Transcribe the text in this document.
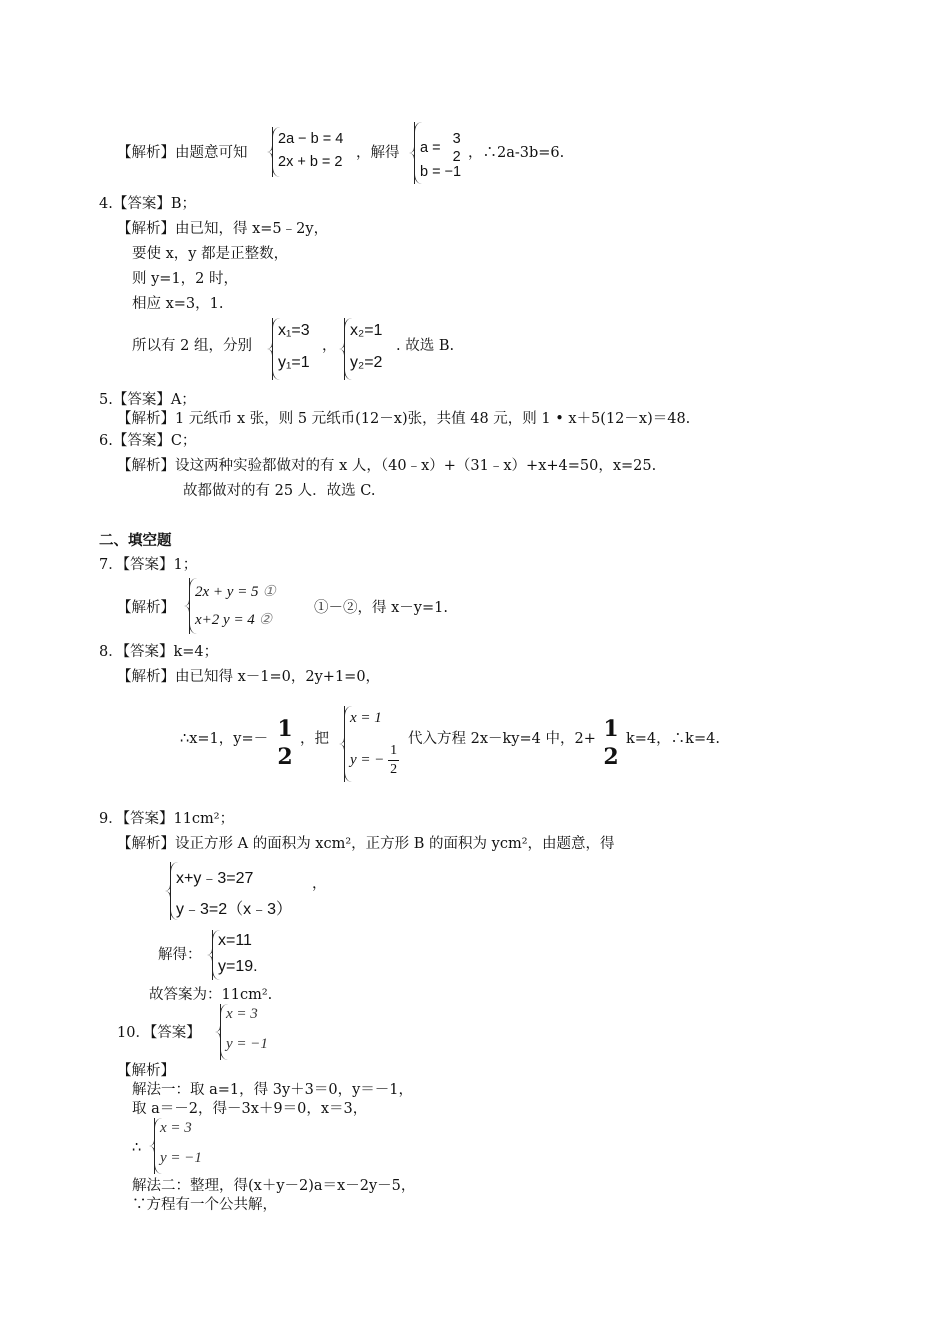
【解析】由题意可知
2a − b = 4
2x + b = 2
，解得 a =
3
2
b = −1
，∴2a-3b=6.
4.【答案】B；
【解析】由已知，得 x=5﹣2y，
要使 x，y 都是正整数，
则 y=1，2 时，
相应 x=3，1.
所以有 2 组，分别
x₁=3
y₁=1
，
x₂=1
y₂=2
. 故选 B.
5.【答案】A；
【解析】1 元纸币 x 张，则 5 元纸币(12－x)张，共值 48 元，则 1 • x＋5(12－x)＝48.
6.【答案】C；
【解析】设这两种实验都做对的有 x 人，（40﹣x）+（31﹣x）+x+4=50，x=25.
故都做对的有 25 人．故选 C.
二、填空题
7．【答案】1；
【解析】
2x + y = 5 ①
x+2 y = 4 ②
①－②，得 x－y=1.
8．【答案】k=4；
【解析】由已知得 x－1=0，2y+1=0，
∴x=1，y=－ 1
2
，把
x = 1
y = − $\frac{1}{2}$
代入方程 2x－ky=4 中，2+ 1
2
k=4，∴k=4.
9．【答案】11cm²；
【解析】设正方形 A 的面积为 xcm²，正方形 B 的面积为 ycm²，由题意，得
x+y﹣3=27
y﹣3=2（x﹣3）
，
解得：
x=11
y=19.
故答案为：11cm².
10．【答案】
x = 3
y = −1
【解析】
解法一：取 a=1，得 3y＋3＝0，y＝－1，
取 a＝－2，得－3x＋9＝0，x＝3，
∴
x = 3
y = −1
解法二：整理，得(x＋y－2)a＝x－2y－5，
∵方程有一个公共解，
